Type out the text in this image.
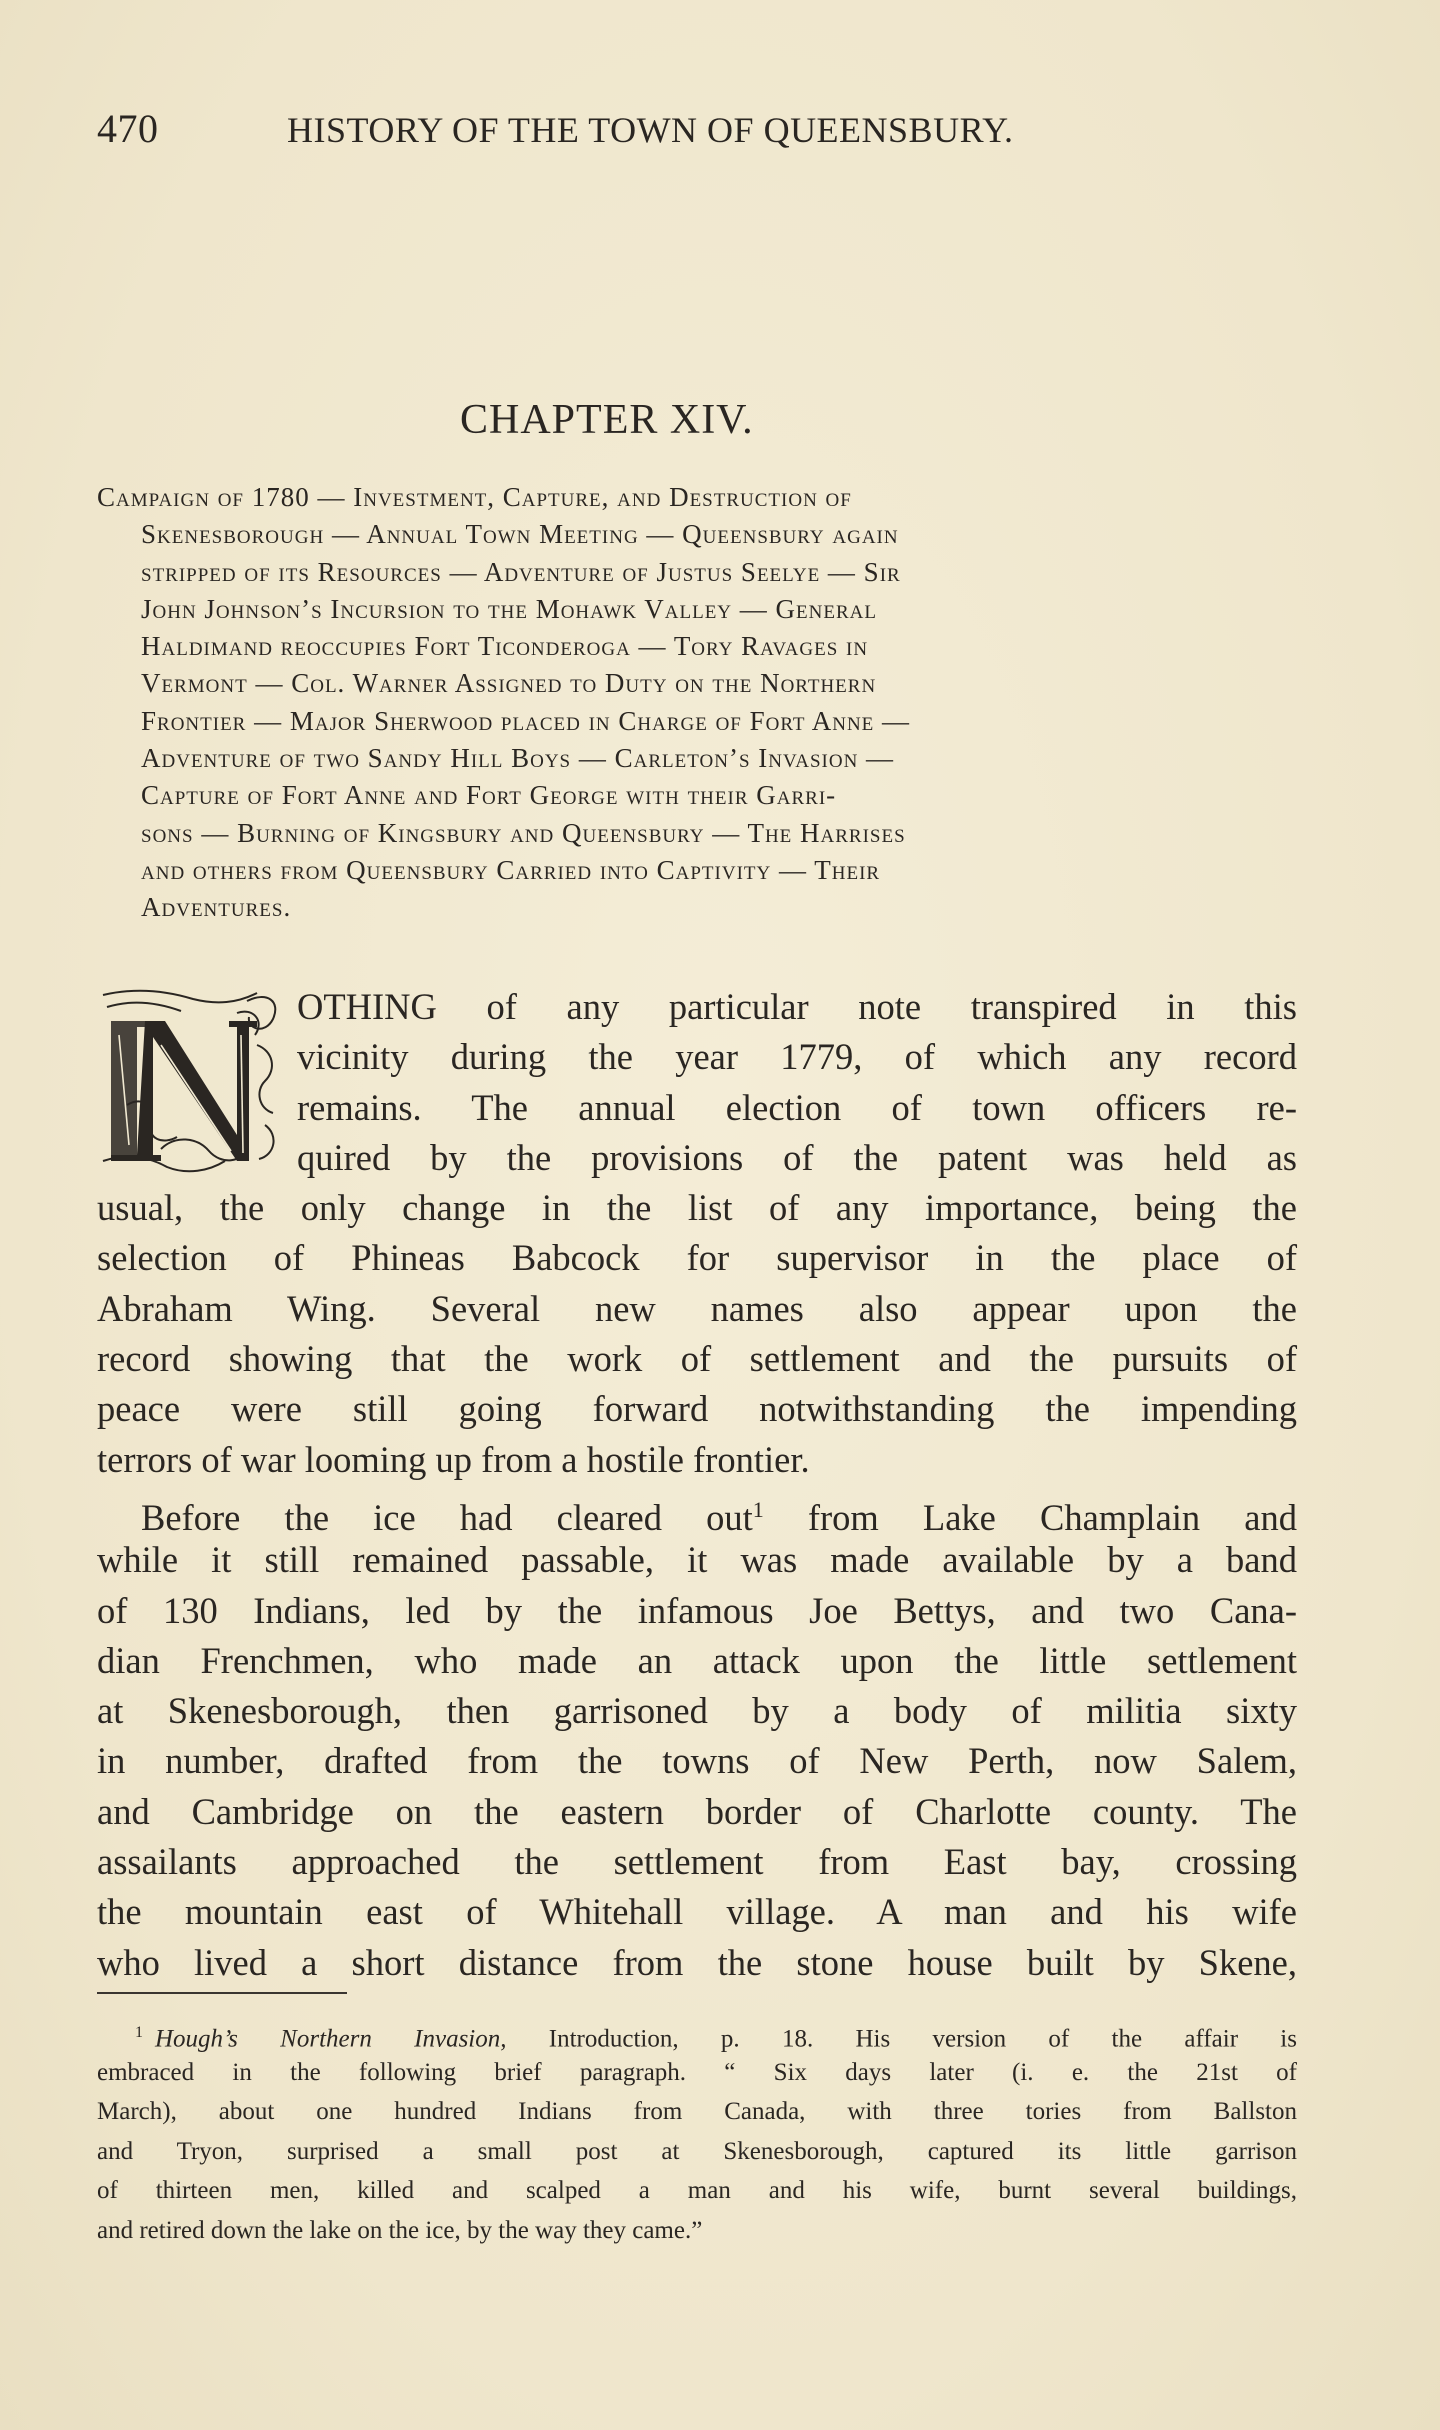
470	HISTORY OF THE TOWN OF QUEENSBURY.
CHAPTER XIV.
Campaign of 1780 — Investment, Capture, and Destruction of
Skenesborough — Annual Town Meeting — Queensbury again
stripped of its Resources — Adventure of Justus Seelye — Sir
John Johnson’s Incursion to the Mohawk Valley — General
Haldimand reoccupies Fort Ticonderoga — Tory Ravages in
Vermont — Col. Warner Assigned to Duty on the Northern
Frontier — Major Sherwood placed in Charge of Fort Anne —
Adventure of two Sandy Hill Boys — Carleton’s Invasion —
Capture of Fort Anne and Fort George with their Garri-
sons — Burning of Kingsbury and Queensbury — The Harrises
and others from Queensbury Carried into Captivity — Their
Adventures.
N
OTHING of any particular note transpired in this
vicinity during the year 1779, of which any record
remains. The annual election of town officers re-
quired by the provisions of the patent was held as
usual, the only change in the list of any importance, being the
selection of Phineas Babcock for supervisor in the place of
Abraham Wing. Several new names also appear upon the
record showing that the work of settlement and the pursuits of
peace were still going forward notwithstanding the impending
terrors of war looming up from a hostile frontier.
Before the ice had cleared out$^1$ from Lake Champlain and
while it still remained passable, it was made available by a band
of 130 Indians, led by the infamous Joe Bettys, and two Cana-
dian Frenchmen, who made an attack upon the little settlement
at Skenesborough, then garrisoned by a body of militia sixty
in number, drafted from the towns of New Perth, now Salem,
and Cambridge on the eastern border of Charlotte county. The
assailants approached the settlement from East bay, crossing
the mountain east of Whitehall village. A man and his wife
who lived a short distance from the stone house built by Skene,
$^1$ Hough’s Northern Invasion, Introduction, p. 18. His version of the affair is
embraced in the following brief paragraph. “ Six days later (i. e. the 21st of
March), about one hundred Indians from Canada, with three tories from Ballston
and Tryon, surprised a small post at Skenesborough, captured its little garrison
of thirteen men, killed and scalped a man and his wife, burnt several buildings,
and retired down the lake on the ice, by the way they came.”
